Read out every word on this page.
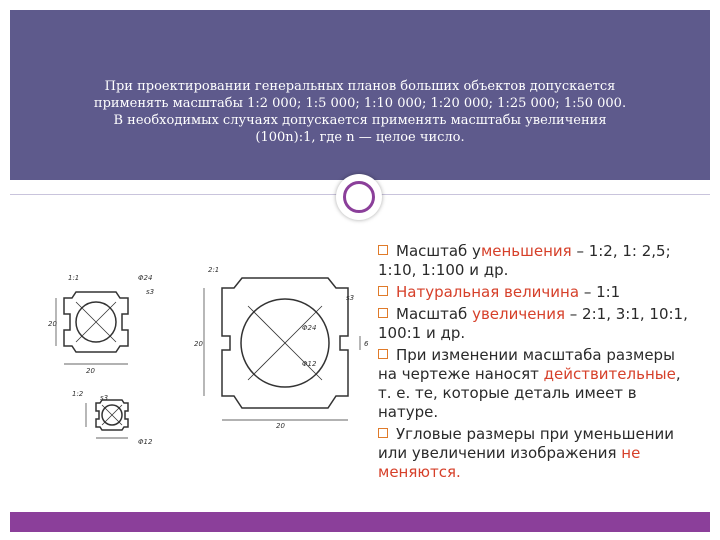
При проектировании генеральных планов больших объектов допускается
применять масштабы 1:2 000; 1:5 000; 1:10 000; 1:20 000; 1:25 000; 1:50 000.
В необходимых случаях допускается применять масштабы увеличения
(100n):1, где n — целое число.
1:1
2:1
1:2
Φ24
Φ24
Φ12
Φ12
s3
s3
s3
20
20
20
20	6
Масштаб уменьшения – 1:2, 1: 2,5; 1:10, 1:100 и др.
Натуральная величина – 1:1
Масштаб увеличения – 2:1, 3:1, 10:1, 100:1 и др.
При изменении масштаба размеры на чертеже наносят действительные, т. е. те, которые деталь имеет в натуре.
Угловые размеры при уменьшении или увеличении изображения не меняются.
